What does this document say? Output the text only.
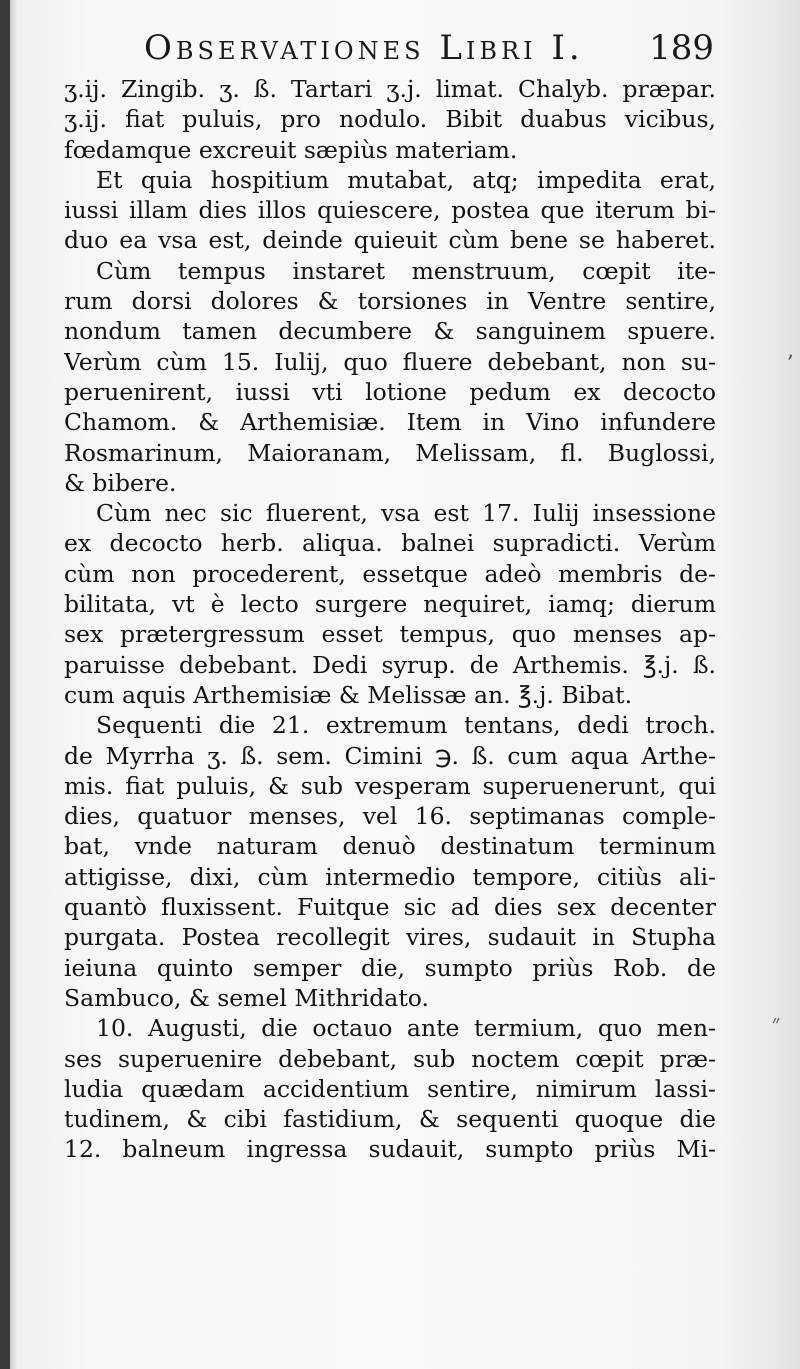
Observationes Libri I. 189
ʒ.ij. Zingib. ʒ. ß. Tartari ʒ.j. limat. Chalyb. præpar.
ʒ.ij. fiat puluis, pro nodulo. Bibit duabus vicibus,
fœdamque excreuit sæpiùs materiam.
Et quia hospitium mutabat, atq; impedita erat,
iussi illam dies illos quiescere, postea que iterum bi-
duo ea vsa est, deinde quieuit cùm bene se haberet.
Cùm tempus instaret menstruum, cœpit ite-
rum dorsi dolores & torsiones in Ventre sentire,
nondum tamen decumbere & sanguinem spuere.
Verùm cùm 15. Iulij, quo fluere debebant, non su-
peruenirent, iussi vti lotione pedum ex decocto
Chamom. & Arthemisiæ. Item in Vino infundere
Rosmarinum, Maioranam, Melissam, fl. Buglossi,
& bibere.
Cùm nec sic fluerent, vsa est 17. Iulij insessione
ex decocto herb. aliqua. balnei supradicti. Verùm
cùm non procederent, essetque adeò membris de-
bilitata, vt è lecto surgere nequiret, iamq; dierum
sex prætergressum esset tempus, quo menses ap-
paruisse debebant. Dedi syrup. de Arthemis. ℥.j. ß.
cum aquis Arthemisiæ & Melissæ an. ℥.j. Bibat.
Sequenti die 21. extremum tentans, dedi troch.
de Myrrha ʒ. ß. sem. Cimini ℈. ß. cum aqua Arthe-
mis. fiat puluis, & sub vesperam superuenerunt, qui
dies, quatuor menses, vel 16. septimanas comple-
bat, vnde naturam denuò destinatum terminum
attigisse, dixi, cùm intermedio tempore, citiùs ali-
quantò fluxissent. Fuitque sic ad dies sex decenter
purgata. Postea recollegit vires, sudauit in Stupha
ieiuna quinto semper die, sumpto priùs Rob. de
Sambuco, & semel Mithridato.
10. Augusti, die octauo ante termium, quo men-
ses superuenire debebant, sub noctem cœpit præ-
ludia quædam accidentium sentire, nimirum lassi-
tudinem, & cibi fastidium, & sequenti quoque die
12. balneum ingressa sudauit, sumpto priùs Mi-
״
ʼ
